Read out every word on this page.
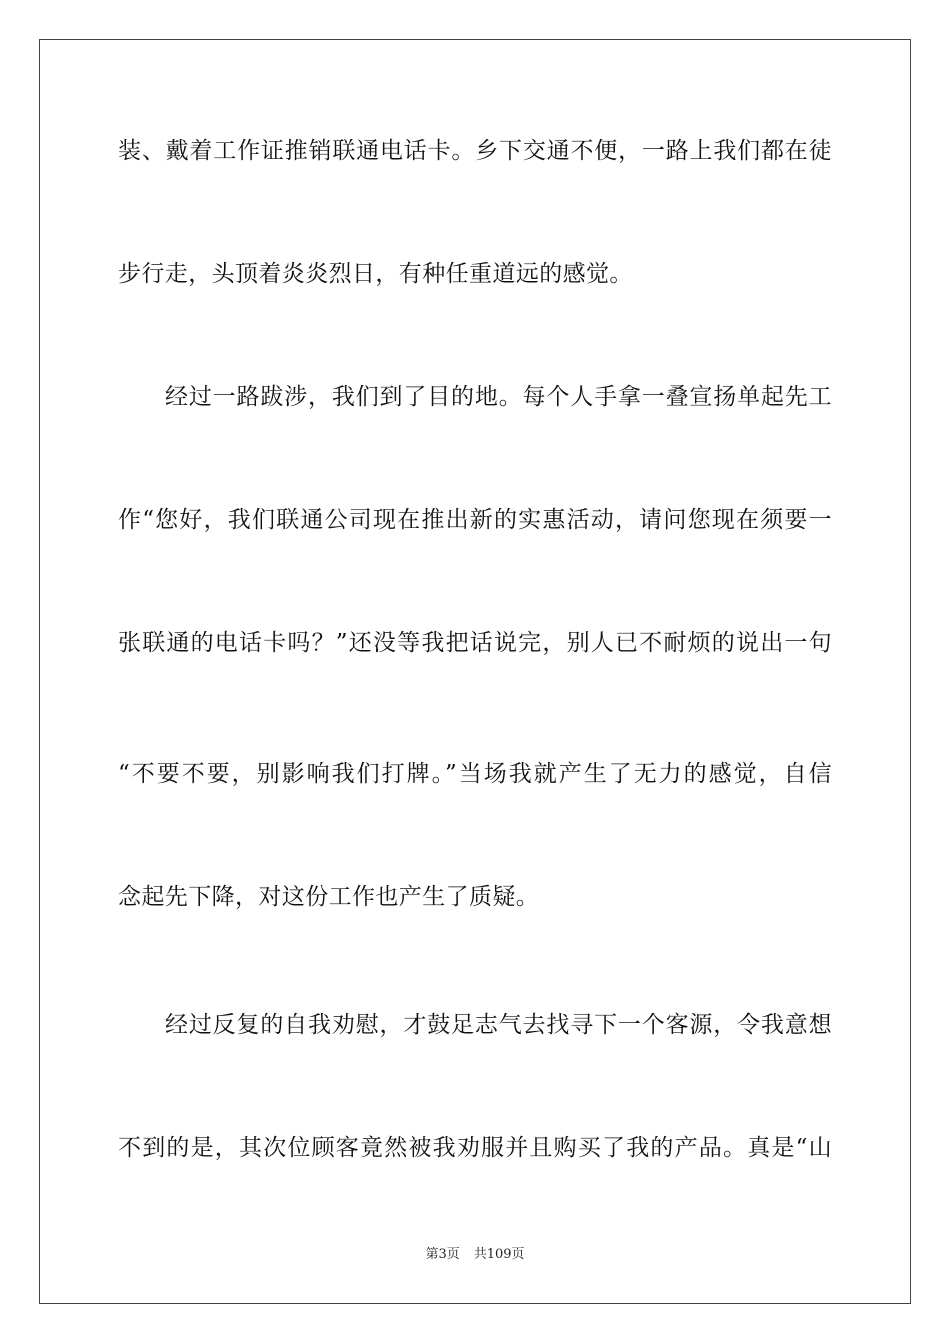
装、戴着工作证推销联通电话卡。乡下交通不便，一路上我们都在徒
步行走，头顶着炎炎烈日，有种任重道远的感觉。
经过一路跋涉，我们到了目的地。每个人手拿一叠宣扬单起先工
作“您好，我们联通公司现在推出新的实惠活动，请问您现在须要一
张联通的电话卡吗？”还没等我把话说完，别人已不耐烦的说出一句
“不要不要，别影响我们打牌。”当场我就产生了无力的感觉，自信
念起先下降，对这份工作也产生了质疑。
经过反复的自我劝慰，才鼓足志气去找寻下一个客源，令我意想
不到的是，其次位顾客竟然被我劝服并且购买了我的产品。真是“山
第3页 共109页
